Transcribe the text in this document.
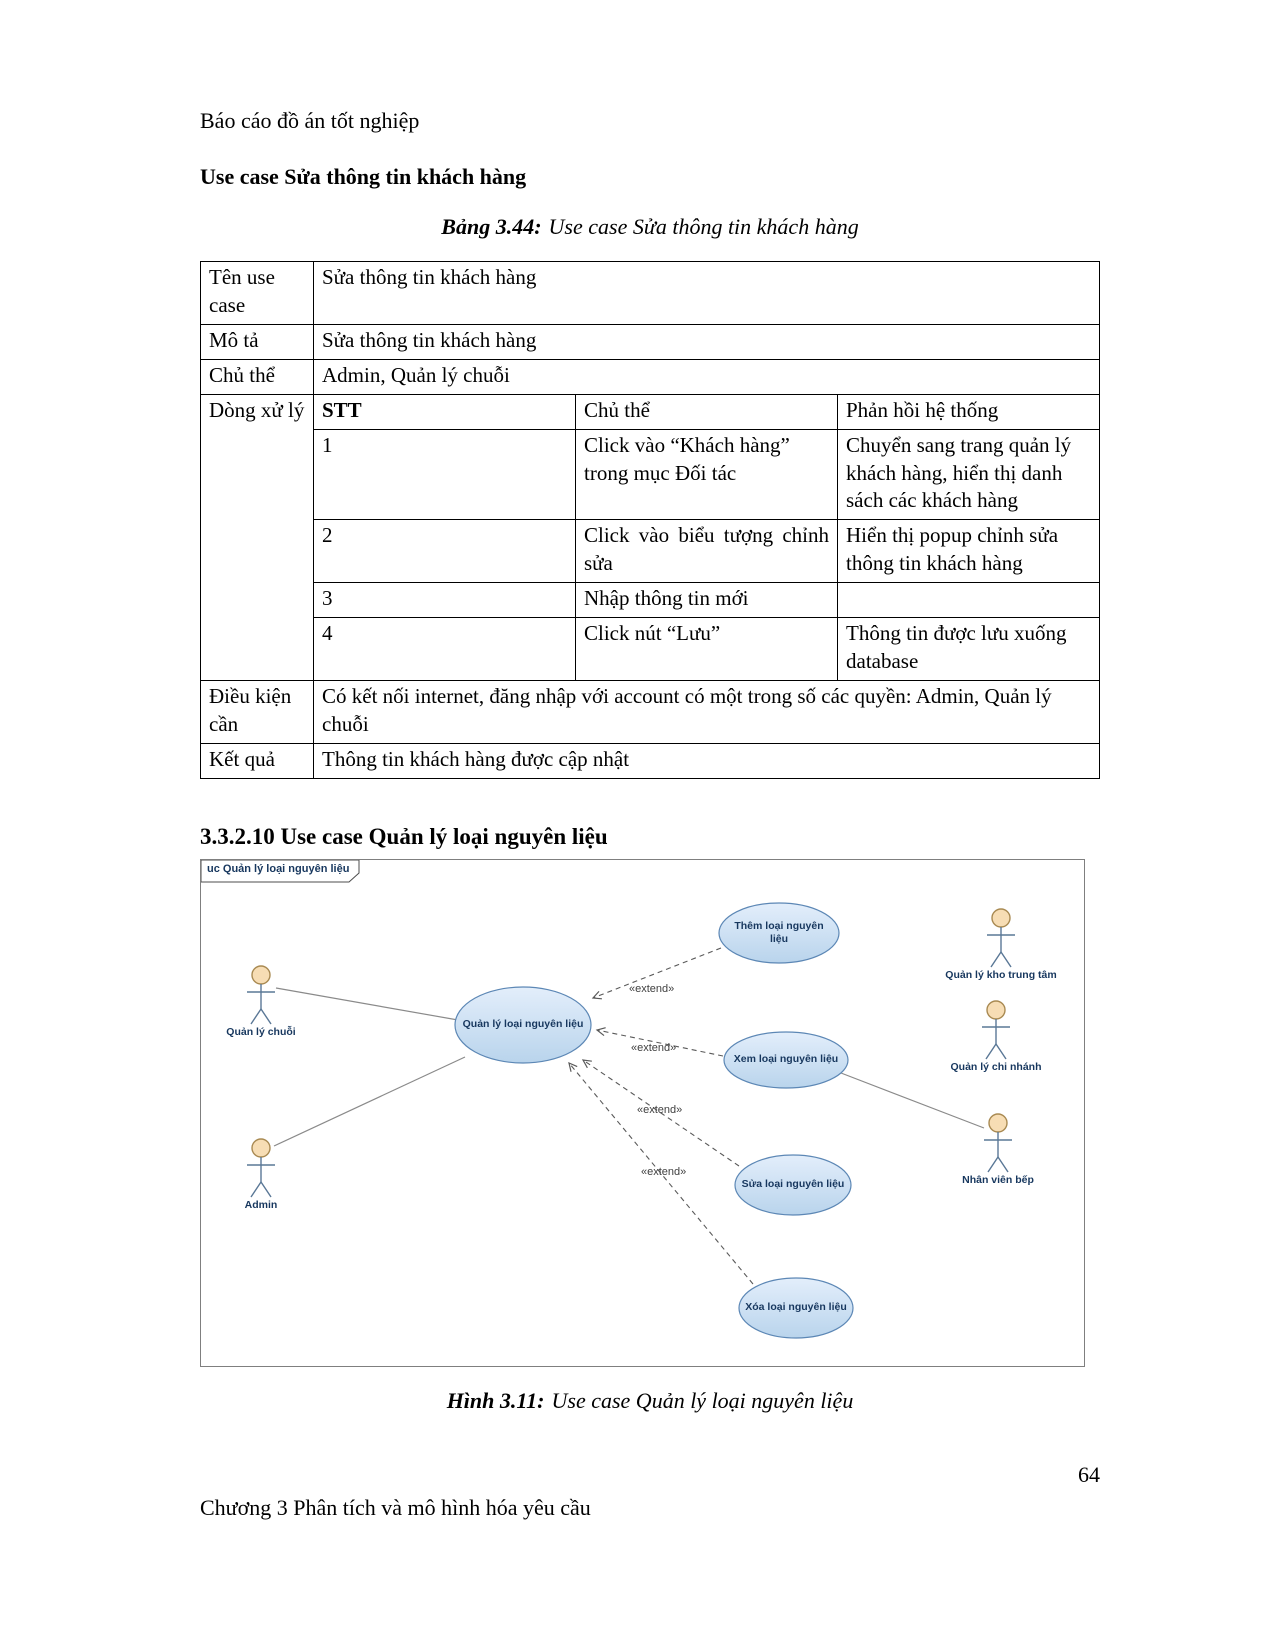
Báo cáo đồ án tốt nghiệp
Use case Sửa thông tin khách hàng
Bảng 3.44: Use case Sửa thông tin khách hàng
Tên use case	Sửa thông tin khách hàng		
Mô tả	Sửa thông tin khách hàng		
Chủ thể	Admin, Quản lý chuỗi		
Dòng xử lý	STT	Chủ thể	Phản hồi hệ thống
	1	Click vào “Khách hàng” trong mục Đối tác	Chuyển sang trang quản lý khách hàng, hiển thị danh sách các khách hàng
	2	Click vào biểu tượng chỉnh sửa	Hiển thị popup chỉnh sửa thông tin khách hàng
	3	Nhập thông tin mới	
	4	Click nút “Lưu”	Thông tin được lưu xuống database
Điều kiện cần	Có kết nối internet, đăng nhập với account có một trong số các quyền: Admin, Quản lý chuỗi		
Kết quả	Thông tin khách hàng được cập nhật		
3.3.2.10 Use case Quản lý loại nguyên liệu
uc Quản lý loại nguyên liệu
Quản lý loại nguyên liệu
Thêm loại nguyên liệu
Xem loại nguyên liệu
Sửa loại nguyên liệu
Xóa loại nguyên liệu
Quản lý chuỗi
Admin
Quản lý kho trung tâm
Quản lý chi nhánh
Nhân viên bếp
«extend»
«extend»
«extend»
«extend»
Hình 3.11: Use case Quản lý loại nguyên liệu
64
Chương 3 Phân tích và mô hình hóa yêu cầu
